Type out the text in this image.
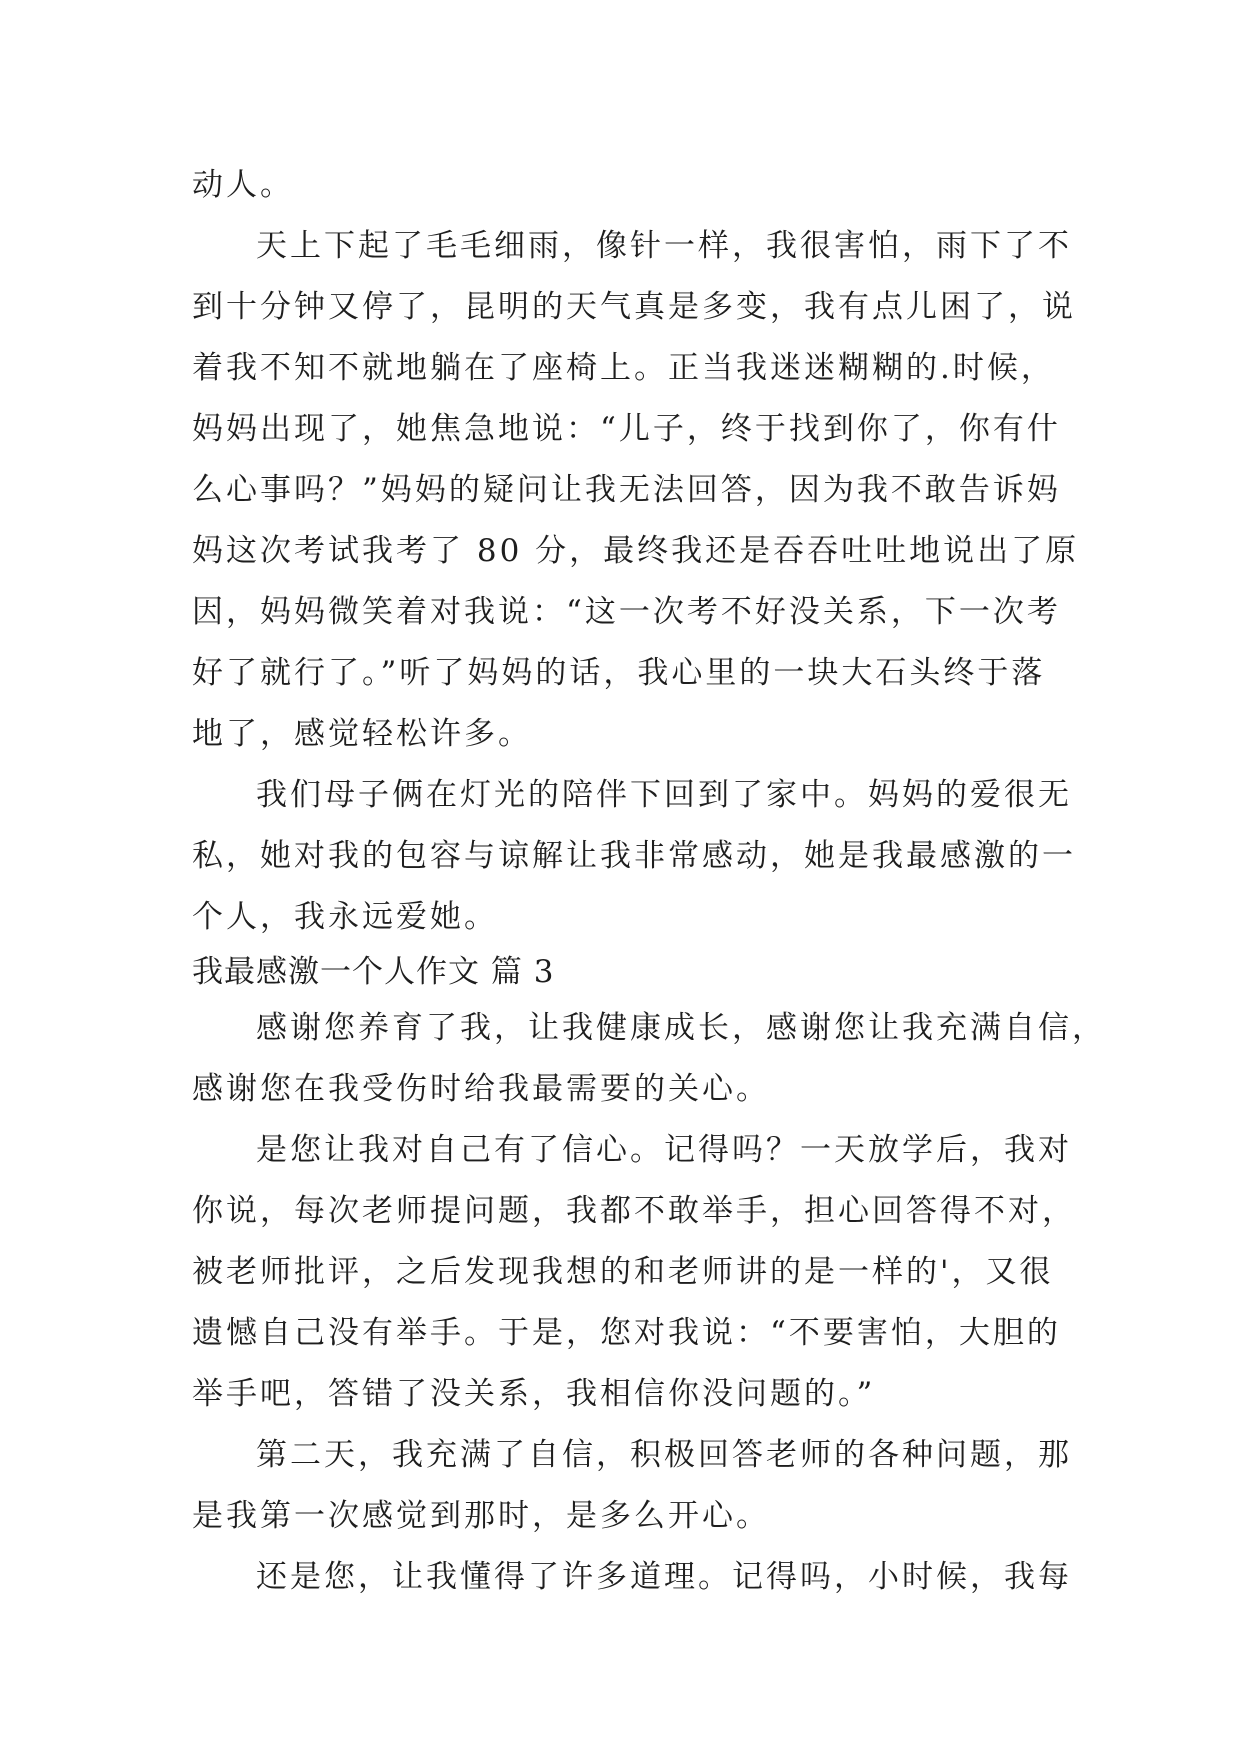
动人。
天上下起了毛毛细雨，像针一样，我很害怕，雨下了不
到十分钟又停了，昆明的天气真是多变，我有点儿困了，说
着我不知不就地躺在了座椅上。正当我迷迷糊糊的.时候，
妈妈出现了，她焦急地说：“儿子，终于找到你了，你有什
么心事吗？”妈妈的疑问让我无法回答，因为我不敢告诉妈
妈这次考试我考了 80 分，最终我还是吞吞吐吐地说出了原
因，妈妈微笑着对我说：“这一次考不好没关系，下一次考
好了就行了。”听了妈妈的话，我心里的一块大石头终于落
地了，感觉轻松许多。
我们母子俩在灯光的陪伴下回到了家中。妈妈的爱很无
私，她对我的包容与谅解让我非常感动，她是我最感激的一
个人，我永远爱她。
我最感激一个人作文 篇 3
感谢您养育了我，让我健康成长，感谢您让我充满自信，
感谢您在我受伤时给我最需要的关心。
是您让我对自己有了信心。记得吗？一天放学后，我对
你说，每次老师提问题，我都不敢举手，担心回答得不对，
被老师批评，之后发现我想的和老师讲的是一样的'，又很
遗憾自己没有举手。于是，您对我说：“不要害怕，大胆的
举手吧，答错了没关系，我相信你没问题的。”
第二天，我充满了自信，积极回答老师的各种问题，那
是我第一次感觉到那时，是多么开心。
还是您，让我懂得了许多道理。记得吗，小时候，我每
